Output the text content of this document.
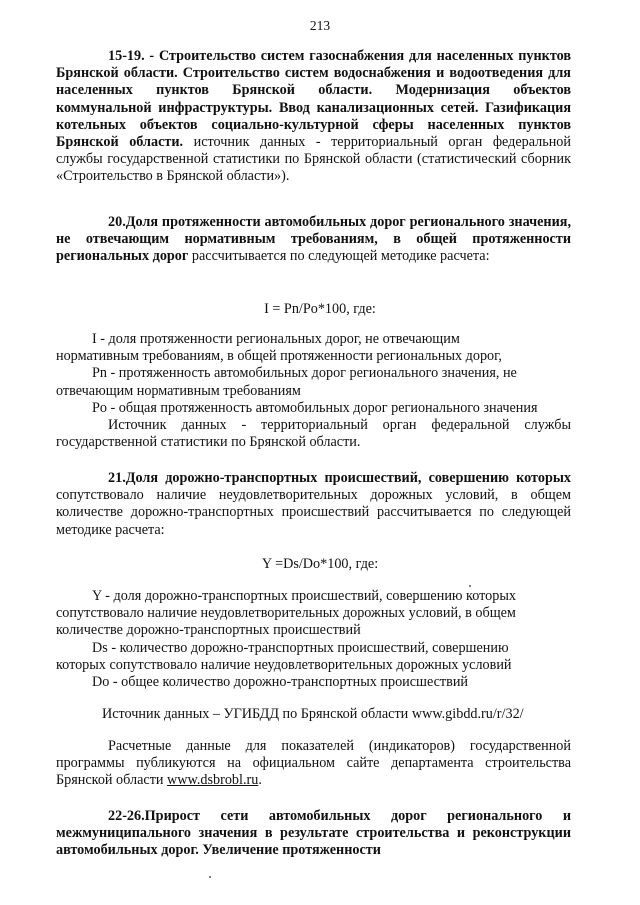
213

15-19. - Строительство систем газоснабжения для населенных пунктов Брянской области. Строительство систем водоснабжения и водоотведения для населенных пунктов Брянской области. Модернизация объектов коммунальной инфраструктуры. Ввод канализационных сетей. Газификация котельных объектов социально-культурной сферы населенных пунктов Брянской области. источник данных - территориальный орган федеральной службы государственной статистики по Брянской области (статистический сборник «Строительство в Брянской области»).

20.Доля протяженности автомобильных дорог регионального значения, не отвечающим нормативным требованиям, в общей протяженности региональных дорог рассчитывается по следующей методике расчета:

I = Pn/Po*100, где:
I - доля протяженности региональных дорог, не отвечающим
нормативным требованиям, в общей протяженности региональных дорог,
Pn - протяженность автомобильных дорог регионального значения, не
отвечающим нормативным требованиям
Po - общая протяженность автомобильных дорог регионального значения

Источник данных - территориальный орган федеральной службы государственной статистики по Брянской области.

21.Доля дорожно-транспортных происшествий, совершению которых сопутствовало наличие неудовлетворительных дорожных условий, в общем количестве дорожно-транспортных происшествий рассчитывается по следующей методике расчета:

Y =Ds/Do*100, где:
Y - доля дорожно-транспортных происшествий, совершению которых
сопутствовало наличие неудовлетворительных дорожных условий, в общем
количестве дорожно-транспортных происшествий
Ds - количество дорожно-транспортных происшествий, совершению
которых сопутствовало наличие неудовлетворительных дорожных условий
Do - общее количество дорожно-транспортных происшествий

Источник данных – УГИБДД по Брянской области www.gibdd.ru/r/32/

Расчетные данные для показателей (индикаторов) государственной программы публикуются на официальном сайте департамента строительства Брянской области www.dsbrobl.ru.

22-26.Прирост сети автомобильных дорог регионального и межмуниципального значения в результате строительства и реконструкции автомобильных дорог. Увеличение протяженности
